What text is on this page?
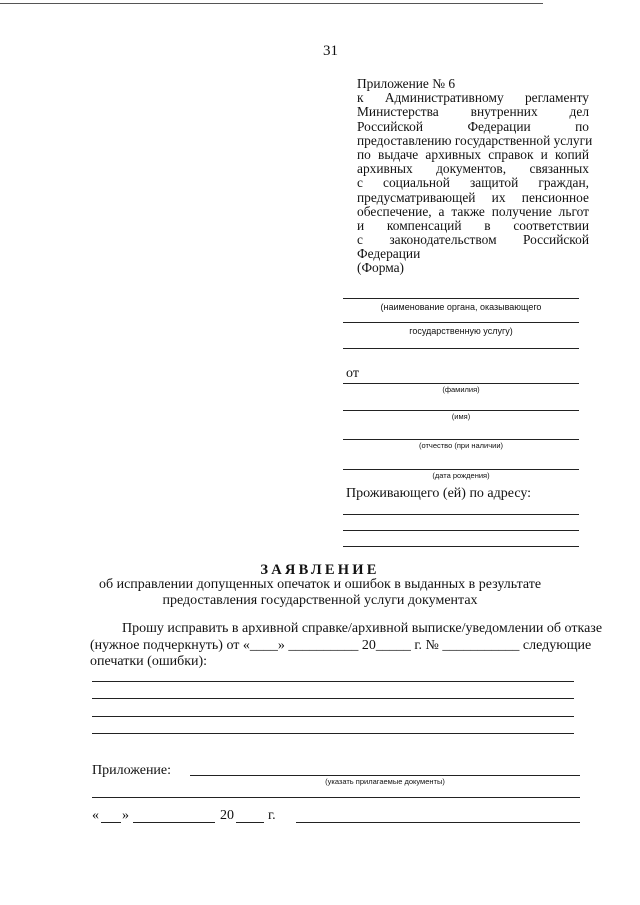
31
Приложение № 6
к Административному регламенту
Министерства внутренних дел
Российской Федерации по
предоставлению государственной услуги
по выдаче архивных справок и копий
архивных документов, связанных
с социальной защитой граждан,
предусматривающей их пенсионное
обеспечение, а также получение льгот
и компенсаций в соответствии
с законодательством Российской
Федерации
(Форма)
(наименование органа, оказывающего
государственную услугу)
от
(фамилия)
(имя)
(отчество (при наличии)
(дата рождения)
Проживающего (ей) по адресу:
ЗАЯВЛЕНИЕ
об исправлении допущенных опечаток и ошибок в выданных в результате
предоставления государственной услуги документах
Прошу исправить в архивной справке/архивной выписке/уведомлении об отказе
(нужное подчеркнуть) от «____» __________ 20_____ г. № ___________ следующие
опечатки (ошибки):
Приложение:
(указать прилагаемые документы)
« »	20 г.
